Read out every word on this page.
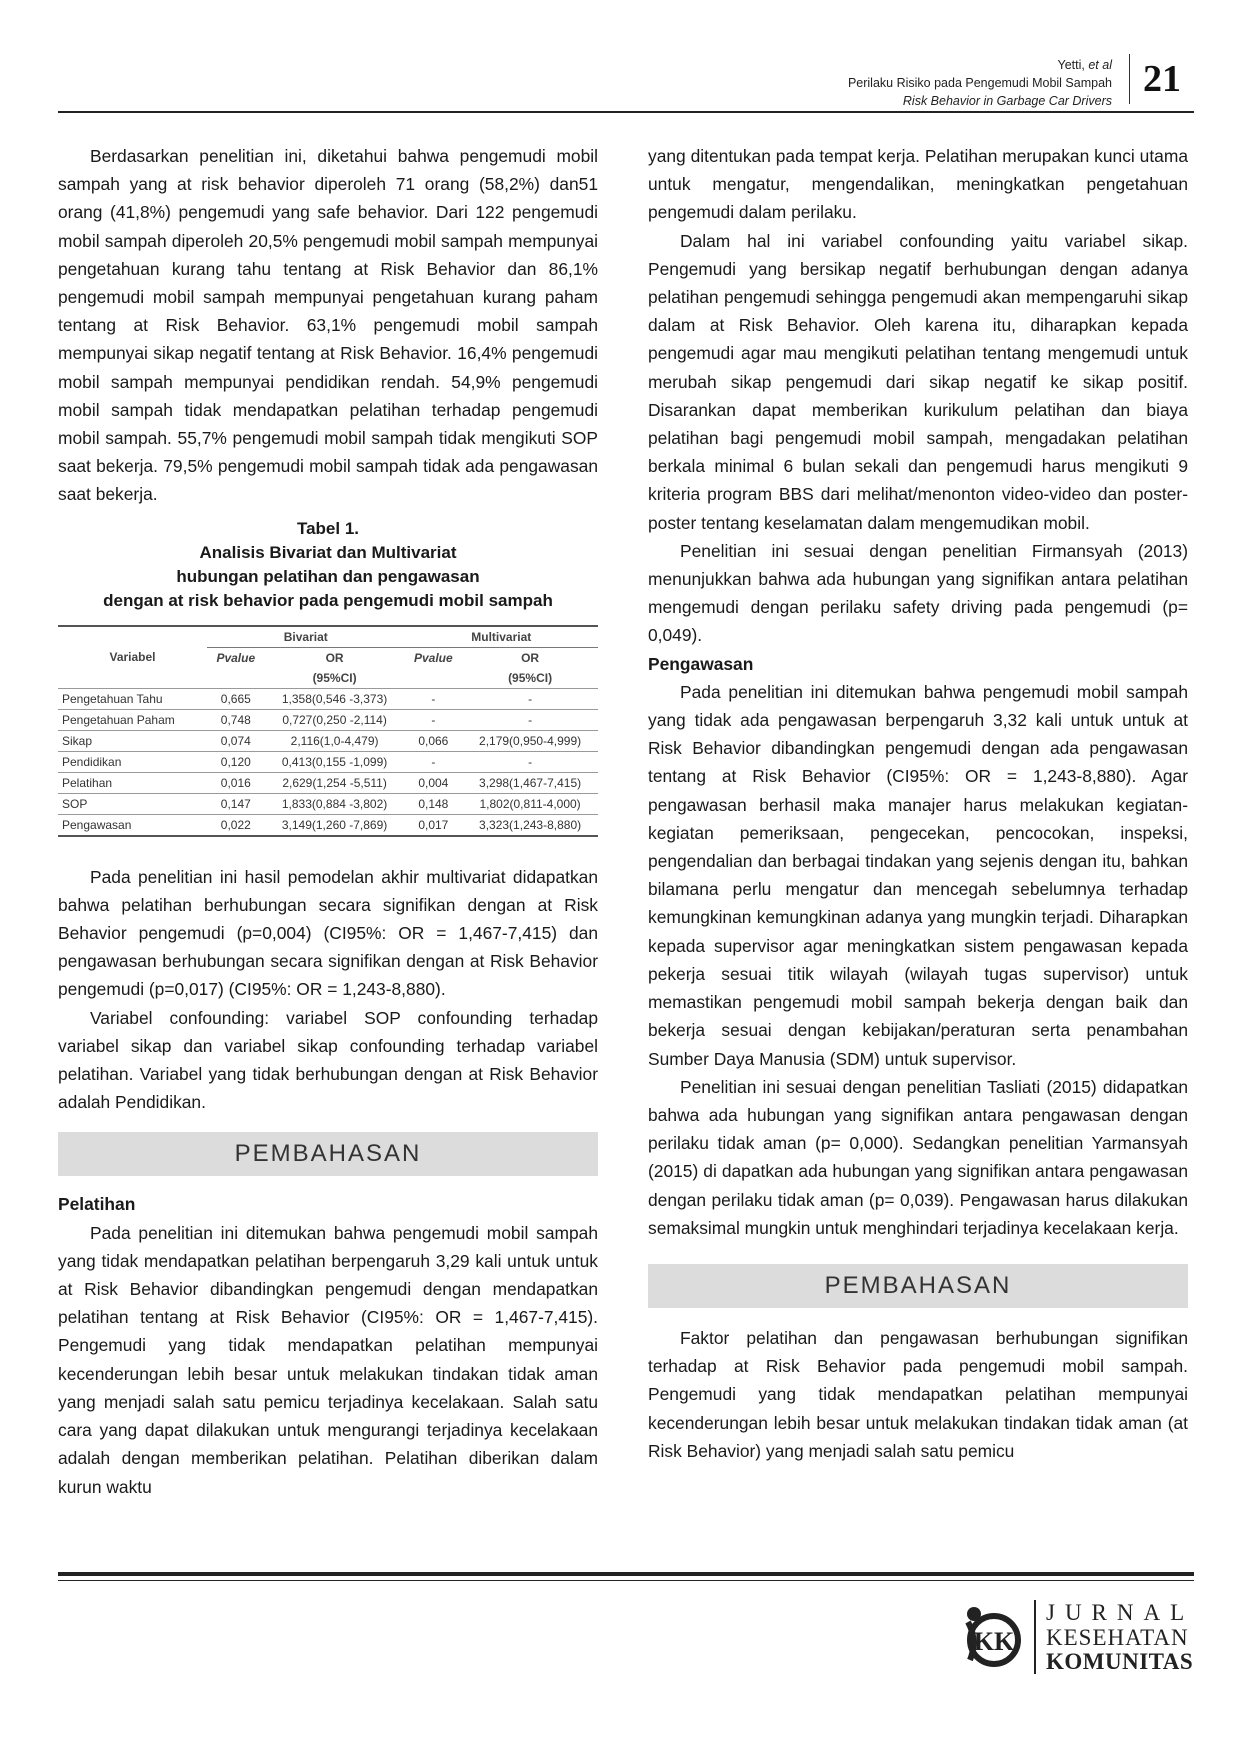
Yetti, et al
Perilaku Risiko pada Pengemudi Mobil Sampah
Risk Behavior in Garbage Car Drivers
21

Berdasarkan penelitian ini, diketahui bahwa pengemudi mobil sampah yang at risk behavior diperoleh 71 orang (58,2%) dan51 orang (41,8%) pengemudi yang safe behavior. Dari 122 pengemudi mobil sampah diperoleh 20,5% pengemudi mobil sampah mempunyai pengetahuan kurang tahu tentang at Risk Behavior dan 86,1% pengemudi mobil sampah mempunyai pengetahuan kurang paham tentang at Risk Behavior. 63,1% pengemudi mobil sampah mempunyai sikap negatif tentang at Risk Behavior. 16,4% pengemudi mobil sampah mempunyai pendidikan rendah. 54,9% pengemudi mobil sampah tidak mendapatkan pelatihan terhadap pengemudi mobil sampah. 55,7% pengemudi mobil sampah tidak mengikuti SOP saat bekerja. 79,5% pengemudi mobil sampah tidak ada pengawasan saat bekerja.

Tabel 1.
Analisis Bivariat dan Multivariat
hubungan pelatihan dan pengawasan
dengan at risk behavior pada pengemudi mobil sampah
Variabel	Bivariat		Multivariat	
	Pvalue	OR	Pvalue	OR
		(95%CI)		(95%CI)
Pengetahuan Tahu	0,665	1,358(0,546 -3,373)	-	-
Pengetahuan Paham	0,748	0,727(0,250 -2,114)	-	-
Sikap	0,074	2,116(1,0-4,479)	0,066	2,179(0,950-4,999)
Pendidikan	0,120	0,413(0,155 -1,099)	-	-
Pelatihan	0,016	2,629(1,254 -5,511)	0,004	3,298(1,467-7,415)
SOP	0,147	1,833(0,884 -3,802)	0,148	1,802(0,811-4,000)
Pengawasan	0,022	3,149(1,260 -7,869)	0,017	3,323(1,243-8,880)

Pada penelitian ini hasil pemodelan akhir multivariat didapatkan bahwa pelatihan berhubungan secara signifikan dengan at Risk Behavior pengemudi (p=0,004) (CI95%: OR = 1,467-7,415) dan pengawasan berhubungan secara signifikan dengan at Risk Behavior pengemudi (p=0,017) (CI95%: OR = 1,243-8,880).

Variabel confounding: variabel SOP confounding terhadap variabel sikap dan variabel sikap confounding terhadap variabel pelatihan. Variabel yang tidak berhubungan dengan at Risk Behavior adalah Pendidikan.

PEMBAHASAN
Pelatihan

Pada penelitian ini ditemukan bahwa pengemudi mobil sampah yang tidak mendapatkan pelatihan berpengaruh 3,29 kali untuk untuk at Risk Behavior dibandingkan pengemudi dengan mendapatkan pelatihan tentang at Risk Behavior (CI95%: OR = 1,467-7,415). Pengemudi yang tidak mendapatkan pelatihan mempunyai kecenderungan lebih besar untuk melakukan tindakan tidak aman yang menjadi salah satu pemicu terjadinya kecelakaan. Salah satu cara yang dapat dilakukan untuk mengurangi terjadinya kecelakaan adalah dengan memberikan pelatihan. Pelatihan diberikan dalam kurun waktu

yang ditentukan pada tempat kerja. Pelatihan merupakan kunci utama untuk mengatur, mengendalikan, meningkatkan pengetahuan pengemudi dalam perilaku.

Dalam hal ini variabel confounding yaitu variabel sikap. Pengemudi yang bersikap negatif berhubungan dengan adanya pelatihan pengemudi sehingga pengemudi akan mempengaruhi sikap dalam at Risk Behavior. Oleh karena itu, diharapkan kepada pengemudi agar mau mengikuti pelatihan tentang mengemudi untuk merubah sikap pengemudi dari sikap negatif ke sikap positif. Disarankan dapat memberikan kurikulum pelatihan dan biaya pelatihan bagi pengemudi mobil sampah, mengadakan pelatihan berkala minimal 6 bulan sekali dan pengemudi harus mengikuti 9 kriteria program BBS dari melihat/menonton video-video dan poster-poster tentang keselamatan dalam mengemudikan mobil.

Penelitian ini sesuai dengan penelitian Firmansyah (2013) menunjukkan bahwa ada hubungan yang signifikan antara pelatihan mengemudi dengan perilaku safety driving pada pengemudi (p= 0,049).

Pengawasan

Pada penelitian ini ditemukan bahwa pengemudi mobil sampah yang tidak ada pengawasan berpengaruh 3,32 kali untuk untuk at Risk Behavior dibandingkan pengemudi dengan ada pengawasan tentang at Risk Behavior (CI95%: OR = 1,243-8,880). Agar pengawasan berhasil maka manajer harus melakukan kegiatan-kegiatan pemeriksaan, pengecekan, pencocokan, inspeksi, pengendalian dan berbagai tindakan yang sejenis dengan itu, bahkan bilamana perlu mengatur dan mencegah sebelumnya terhadap kemungkinan kemungkinan adanya yang mungkin terjadi. Diharapkan kepada supervisor agar meningkatkan sistem pengawasan kepada pekerja sesuai titik wilayah (wilayah tugas supervisor) untuk memastikan pengemudi mobil sampah bekerja dengan baik dan bekerja sesuai dengan kebijakan/peraturan serta penambahan Sumber Daya Manusia (SDM) untuk supervisor.

Penelitian ini sesuai dengan penelitian Tasliati (2015) didapatkan bahwa ada hubungan yang signifikan antara pengawasan dengan perilaku tidak aman (p= 0,000). Sedangkan penelitian Yarmansyah (2015) di dapatkan ada hubungan yang signifikan antara pengawasan dengan perilaku tidak aman (p= 0,039). Pengawasan harus dilakukan semaksimal mungkin untuk menghindari terjadinya kecelakaan kerja.

PEMBAHASAN

Faktor pelatihan dan pengawasan berhubungan signifikan terhadap at Risk Behavior pada pengemudi mobil sampah. Pengemudi yang tidak mendapatkan pelatihan mempunyai kecenderungan lebih besar untuk melakukan tindakan tidak aman (at Risk Behavior) yang menjadi salah satu pemicu

KK
JURNAL
KESEHATAN
KOMUNITAS
